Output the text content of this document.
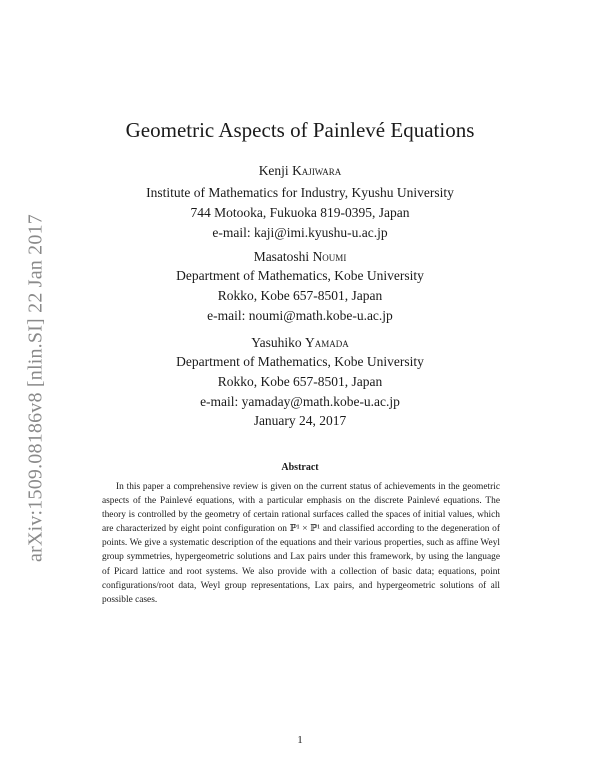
arXiv:1509.08186v8 [nlin.SI] 22 Jan 2017
Geometric Aspects of Painlevé Equations
Kenji Kajiwara
Institute of Mathematics for Industry, Kyushu University
744 Motooka, Fukuoka 819-0395, Japan
e-mail: kaji@imi.kyushu-u.ac.jp
Masatoshi Noumi
Department of Mathematics, Kobe University
Rokko, Kobe 657-8501, Japan
e-mail: noumi@math.kobe-u.ac.jp
Yasuhiko Yamada
Department of Mathematics, Kobe University
Rokko, Kobe 657-8501, Japan
e-mail: yamaday@math.kobe-u.ac.jp
January 24, 2017
Abstract
In this paper a comprehensive review is given on the current status of achievements in the geometric aspects of the Painlevé equations, with a particular emphasis on the discrete Painlevé equations. The theory is controlled by the geometry of certain rational surfaces called the spaces of initial values, which are characterized by eight point configuration on ℙ¹ × ℙ¹ and classified according to the degeneration of points. We give a systematic description of the equations and their various properties, such as affine Weyl group symmetries, hypergeometric solutions and Lax pairs under this framework, by using the language of Picard lattice and root systems. We also provide with a collection of basic data; equations, point configurations/root data, Weyl group representations, Lax pairs, and hypergeometric solutions of all possible cases.
1
